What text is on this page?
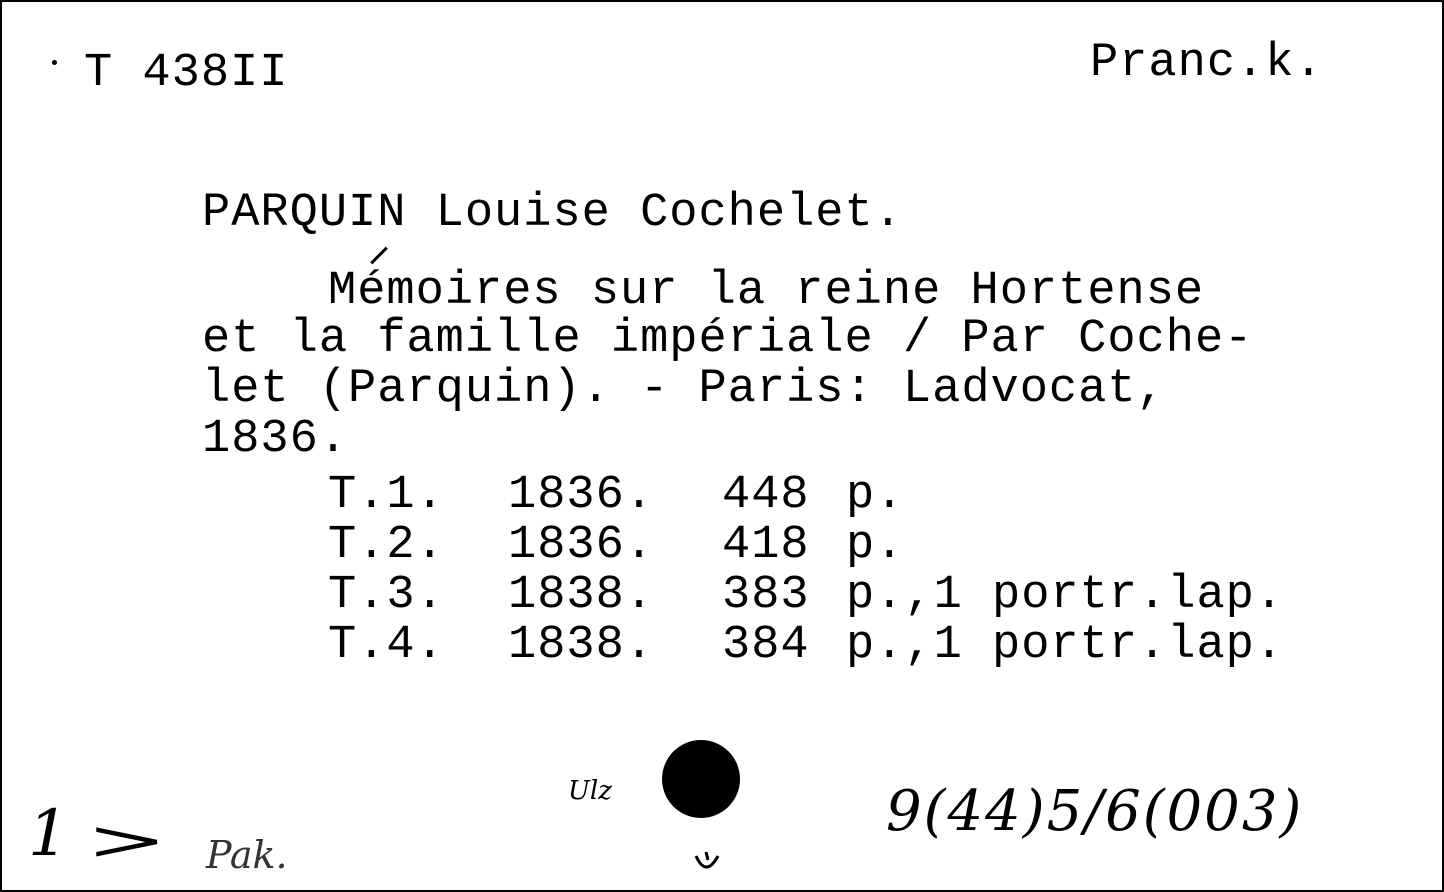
T 438II	Pranc.k.
PARQUIN Louise Cochelet.
Mémoires sur la reine Hortense
et la famille impériale / Par Coche-
let (Parquin). - Paris: Ladvocat,
1836.
T.1. 1836. 448 p.
T.2. 1836. 418 p.
T.3. 1838. 383 p.,1 portr.lap.
T.4. 1838. 384 p.,1 portr.lap.
1 > Pak.
Ulz	9(44)5/6(003)
